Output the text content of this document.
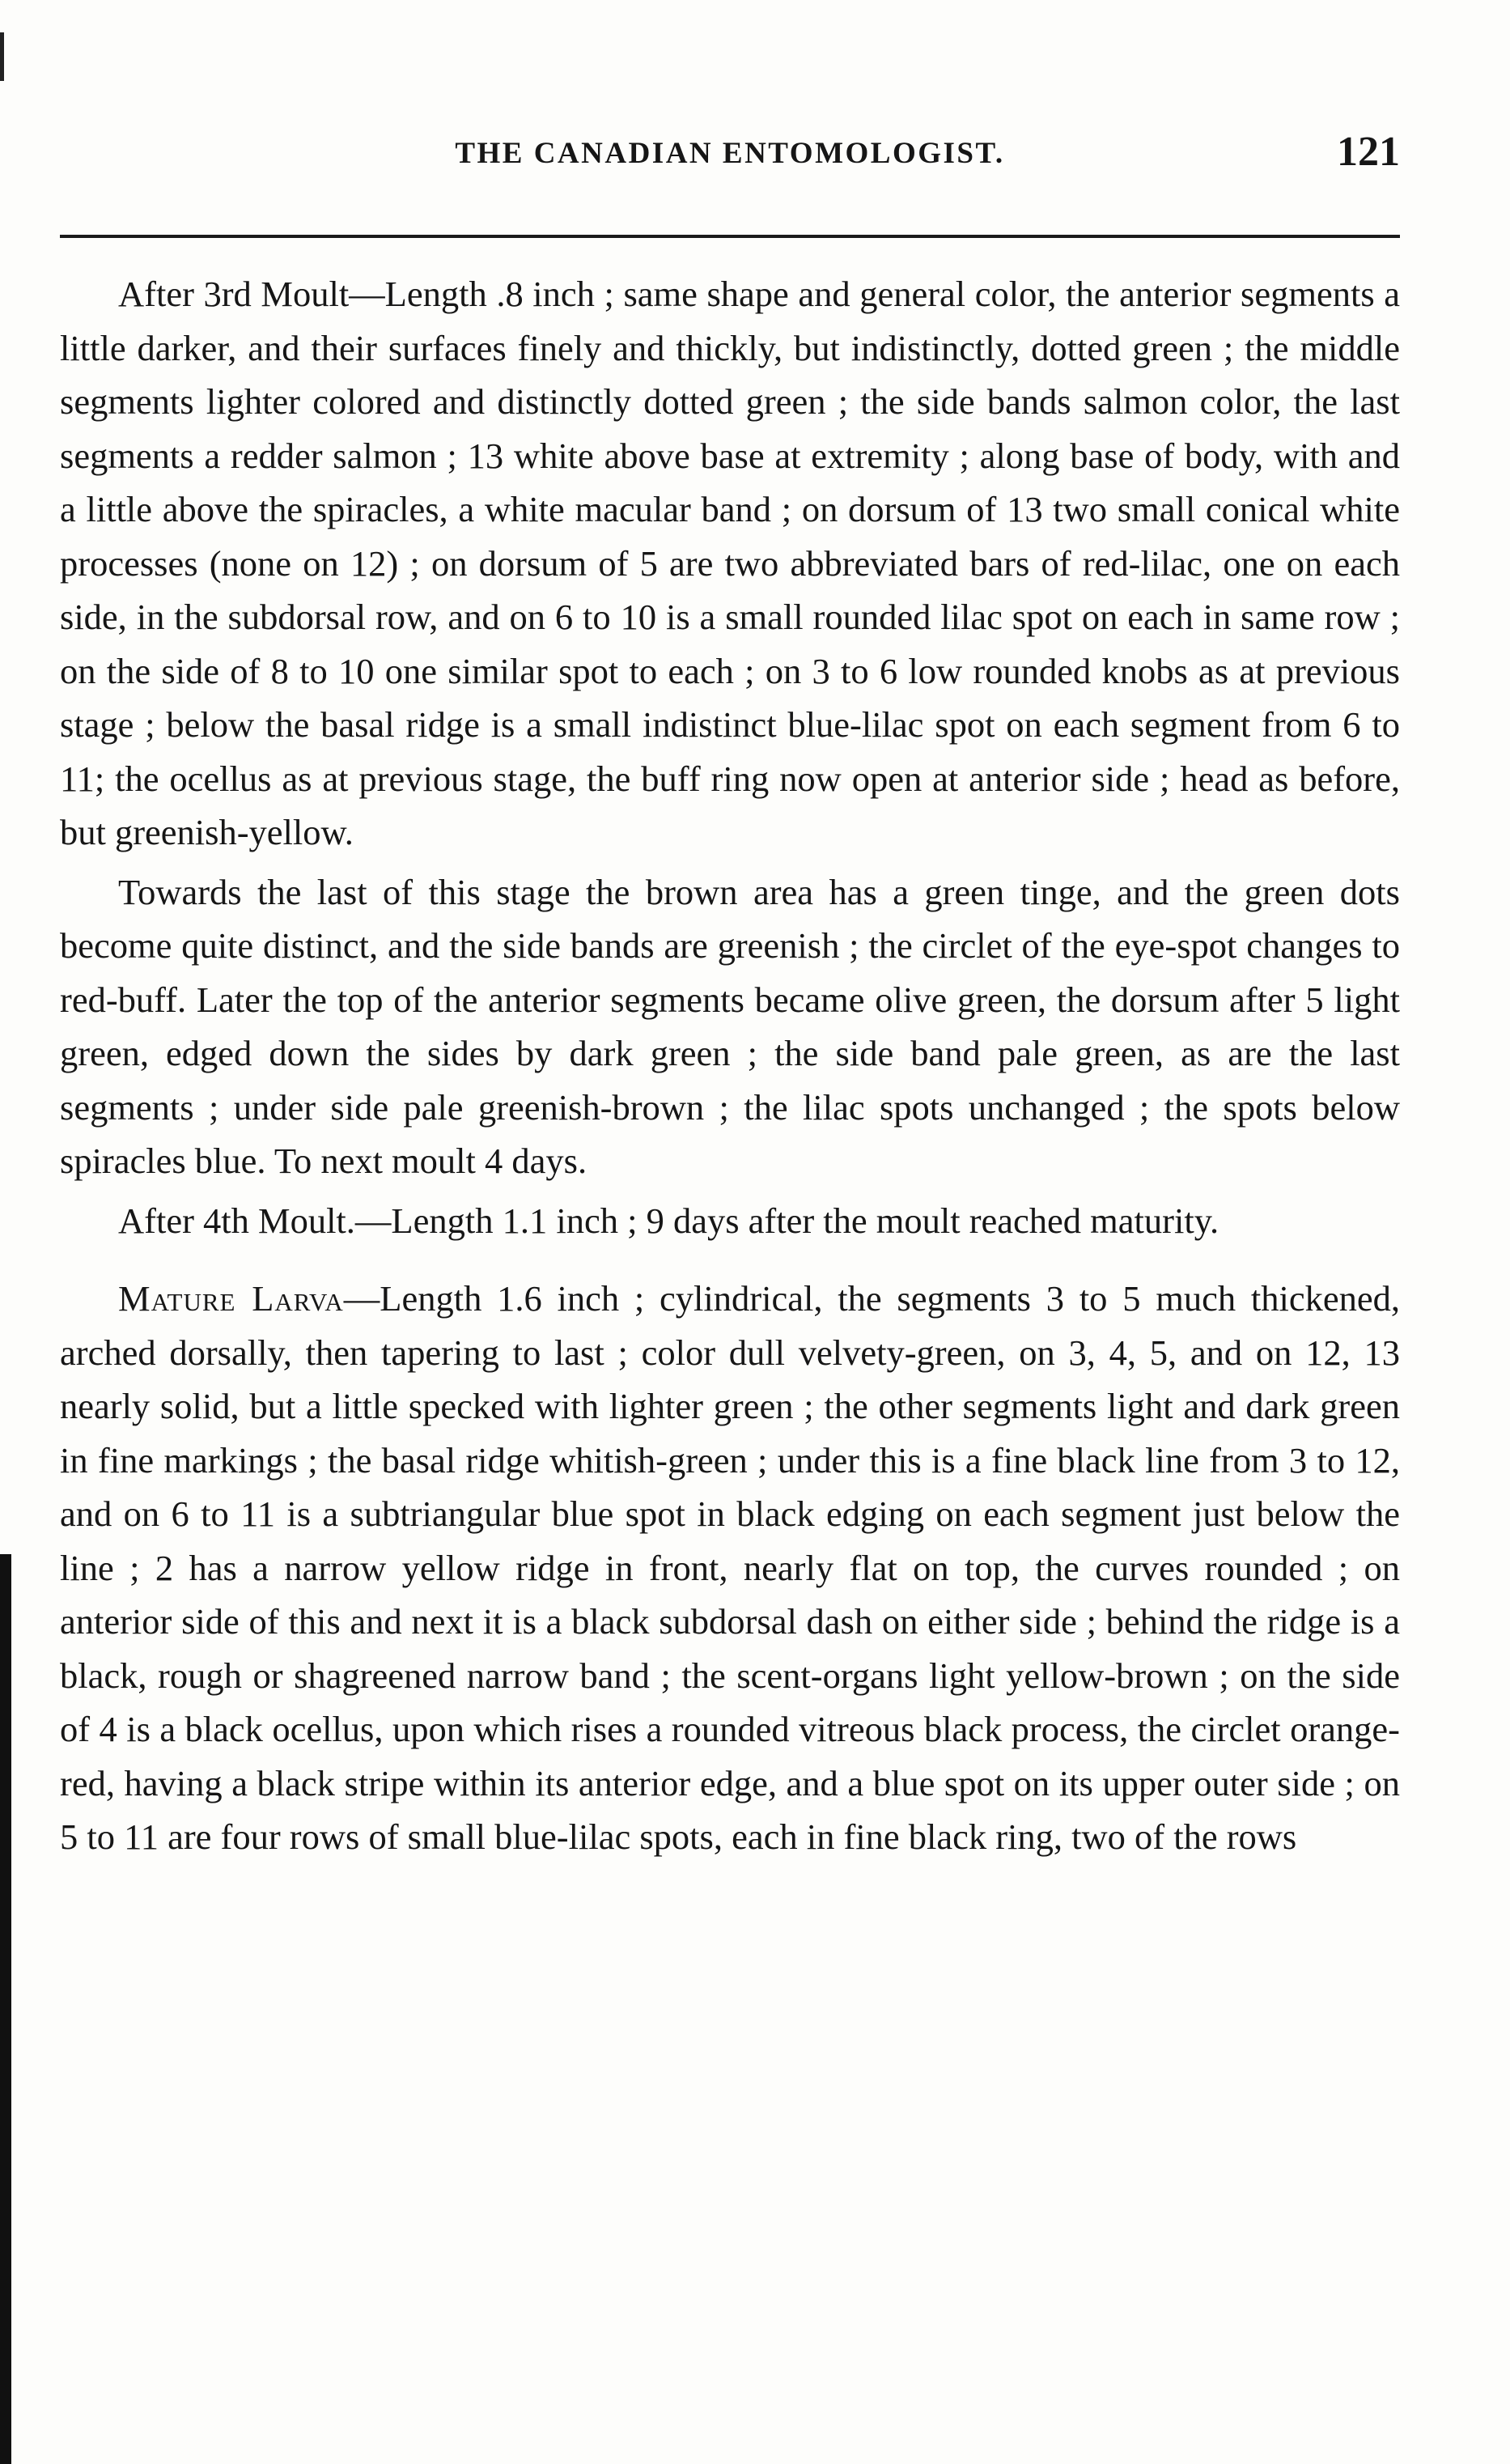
THE CANADIAN ENTOMOLOGIST.	121

After 3rd Moult—Length .8 inch ; same shape and general color, the anterior segments a little darker, and their surfaces finely and thickly, but indistinctly, dotted green ; the middle segments lighter colored and distinctly dotted green ; the side bands salmon color, the last segments a redder salmon ; 13 white above base at extremity ; along base of body, with and a little above the spiracles, a white macular band ; on dorsum of 13 two small conical white processes (none on 12) ; on dorsum of 5 are two abbreviated bars of red-lilac, one on each side, in the subdorsal row, and on 6 to 10 is a small rounded lilac spot on each in same row ; on the side of 8 to 10 one similar spot to each ; on 3 to 6 low rounded knobs as at previous stage ; below the basal ridge is a small indistinct blue-lilac spot on each segment from 6 to 11; the ocellus as at previous stage, the buff ring now open at anterior side ; head as before, but greenish-yellow.

Towards the last of this stage the brown area has a green tinge, and the green dots become quite distinct, and the side bands are greenish ; the circlet of the eye-spot changes to red-buff. Later the top of the anterior segments became olive green, the dorsum after 5 light green, edged down the sides by dark green ; the side band pale green, as are the last segments ; under side pale greenish-brown ; the lilac spots unchanged ; the spots below spiracles blue. To next moult 4 days.

After 4th Moult.—Length 1.1 inch ; 9 days after the moult reached maturity.

Mature Larva—Length 1.6 inch ; cylindrical, the segments 3 to 5 much thickened, arched dorsally, then tapering to last ; color dull velvety-green, on 3, 4, 5, and on 12, 13 nearly solid, but a little specked with lighter green ; the other segments light and dark green in fine markings ; the basal ridge whitish-green ; under this is a fine black line from 3 to 12, and on 6 to 11 is a subtriangular blue spot in black edging on each segment just below the line ; 2 has a narrow yellow ridge in front, nearly flat on top, the curves rounded ; on anterior side of this and next it is a black subdorsal dash on either side ; behind the ridge is a black, rough or shagreened narrow band ; the scent-organs light yellow-brown ; on the side of 4 is a black ocellus, upon which rises a rounded vitreous black process, the circlet orange-red, having a black stripe within its anterior edge, and a blue spot on its upper outer side ; on 5 to 11 are four rows of small blue-lilac spots, each in fine black ring, two of the rows
